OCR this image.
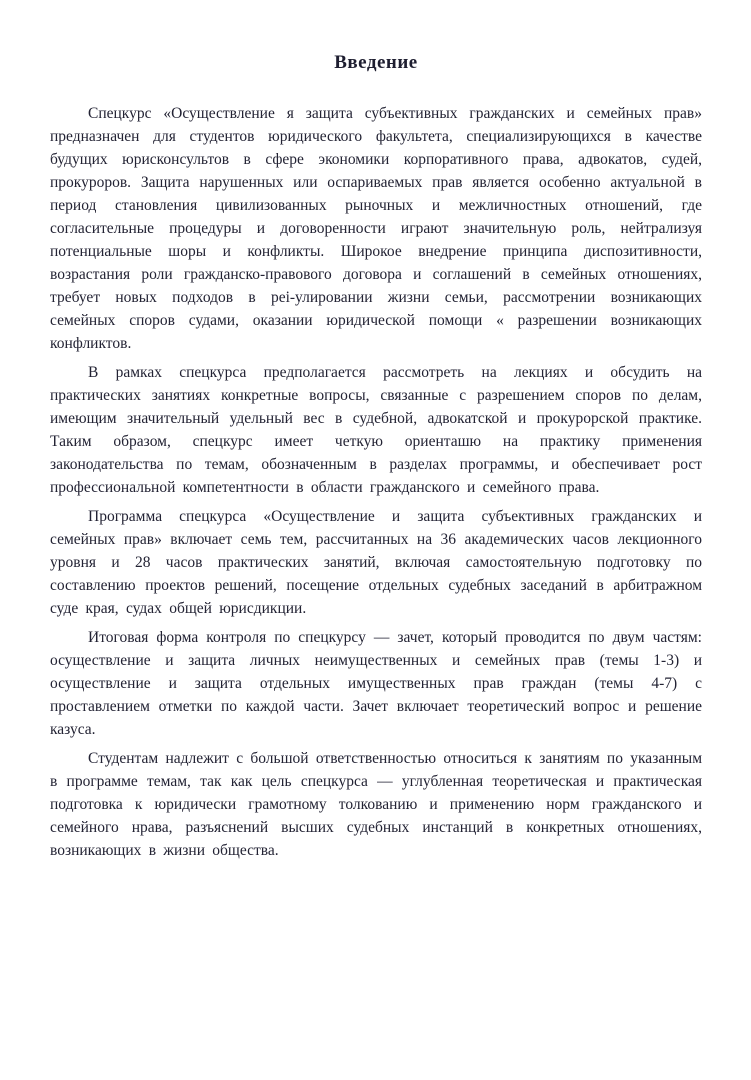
Введение

Спецкурс «Осуществление я защита субъективных гражданских и семейных прав» предназначен для студентов юридического факультета, специализирующихся в качестве будущих юрисконсультов в сфере экономики корпоративного права, адвокатов, судей, прокуроров. Защита нарушенных или оспариваемых прав является особенно актуальной в период становления цивилизованных рыночных и межличностных отношений, где согласительные процедуры и договоренности играют значительную роль, нейтрализуя потенциальные шоры и конфликты. Широкое внедрение принципа диспозитивности, возрастания роли гражданско-правового договора и соглашений в семейных отношениях, требует новых подходов в реi-улировании жизни семьи, рассмотрении возникающих семейных споров судами, оказании юридической помощи « разрешении возникающих конфликтов.

В рамках спецкурса предполагается рассмотреть на лекциях и обсудить на практических занятиях конкретные вопросы, связанные с разрешением споров по делам, имеющим значительный удельный вес в судебной, адвокатской и прокурорской практике. Таким образом, спецкурс имеет четкую ориенташю на практику применения законодательства по темам, обозначенным в разделах программы, и обеспечивает рост профессиональной компетентности в области гражданского и семейного права.

Программа спецкурса «Осуществление и защита субъективных гражданских и семейных прав» включает семь тем, рассчитанных на 36 академических часов лекционного уровня и 28 часов практических занятий, включая самостоятельную подготовку по составлению проектов решений, посещение отдельных судебных заседаний в арбитражном суде края, судах общей юрисдикции.

Итоговая форма контроля по спецкурсу — зачет, который проводится по двум частям: осуществление и защита личных неимущественных и семейных прав (темы 1-3) и осуществление и защита отдельных имущественных прав граждан (темы 4-7) с проставлением отметки по каждой части. Зачет включает теоретический вопрос и решение казуса.

Студентам надлежит с большой ответственностью относиться к занятиям по указанным в программе темам, так как цель спецкурса — углубленная теоретическая и практическая подготовка к юридически грамотному толкованию и применению норм гражданского и семейного нрава, разъяснений высших судебных инстанций в конкретных отношениях, возникающих в жизни общества.
